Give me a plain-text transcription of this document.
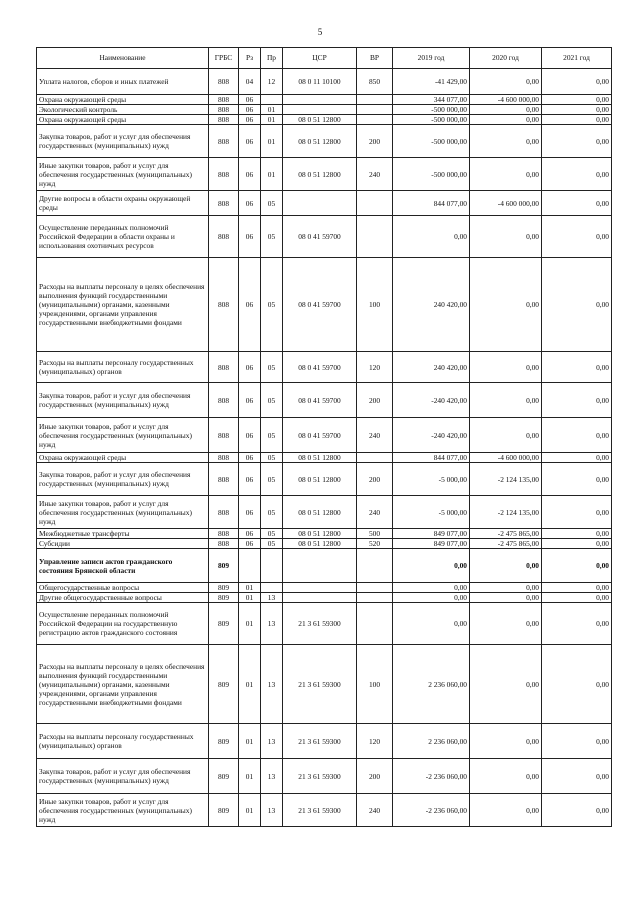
5
Наименование	ГРБС	Рз	Пр	ЦСР	ВР	2019 год	2020 год	2021 год
Уплата налогов, сборов и иных платежей	808	04	12	08 0 11 10100	850	-41 429,00	0,00	0,00
Охрана окружающей среды	808	06				344 077,00	-4 600 000,00	0,00
Экологический контроль	808	06	01			-500 000,00	0,00	0,00
Охрана окружающей среды	808	06	01	08 0 51 12800		-500 000,00	0,00	0,00
Закупка товаров, работ и услуг для обеспечения государственных (муниципальных) нужд	808	06	01	08 0 51 12800	200	-500 000,00	0,00	0,00
Иные закупки товаров, работ и услуг для обеспечения государственных (муниципальных) нужд	808	06	01	08 0 51 12800	240	-500 000,00	0,00	0,00
Другие вопросы в области охраны окружающей среды	808	06	05			844 077,00	-4 600 000,00	0,00
Осуществление переданных полномочий Российской Федерации в области охраны и использования охотничьих ресурсов	808	06	05	08 0 41 59700		0,00	0,00	0,00
Расходы на выплаты персоналу в целях обеспечения выполнения функций государственными (муниципальными) органами, казенными учреждениями, органами управления государственными внебюджетными фондами	808	06	05	08 0 41 59700	100	240 420,00	0,00	0,00
Расходы на выплаты персоналу государственных (муниципальных) органов	808	06	05	08 0 41 59700	120	240 420,00	0,00	0,00
Закупка товаров, работ и услуг для обеспечения государственных (муниципальных) нужд	808	06	05	08 0 41 59700	200	-240 420,00	0,00	0,00
Иные закупки товаров, работ и услуг для обеспечения государственных (муниципальных) нужд	808	06	05	08 0 41 59700	240	-240 420,00	0,00	0,00
Охрана окружающей среды	808	06	05	08 0 51 12800		844 077,00	-4 600 000,00	0,00
Закупка товаров, работ и услуг для обеспечения государственных (муниципальных) нужд	808	06	05	08 0 51 12800	200	-5 000,00	-2 124 135,00	0,00
Иные закупки товаров, работ и услуг для обеспечения государственных (муниципальных) нужд	808	06	05	08 0 51 12800	240	-5 000,00	-2 124 135,00	0,00
Межбюджетные трансферты	808	06	05	08 0 51 12800	500	849 077,00	-2 475 865,00	0,00
Субсидии	808	06	05	08 0 51 12800	520	849 077,00	-2 475 865,00	0,00
Управление записи актов гражданского состояния Брянской области	809					0,00	0,00	0,00
Общегосударственные вопросы	809	01				0,00	0,00	0,00
Другие общегосударственные вопросы	809	01	13			0,00	0,00	0,00
Осуществление переданных полномочий Российской Федерации на государственную регистрацию актов гражданского состояния	809	01	13	21 3 61 59300		0,00	0,00	0,00
Расходы на выплаты персоналу в целях обеспечения выполнения функций государственными (муниципальными) органами, казенными учреждениями, органами управления государственными внебюджетными фондами	809	01	13	21 3 61 59300	100	2 236 060,00	0,00	0,00
Расходы на выплаты персоналу государственных (муниципальных) органов	809	01	13	21 3 61 59300	120	2 236 060,00	0,00	0,00
Закупка товаров, работ и услуг для обеспечения государственных (муниципальных) нужд	809	01	13	21 3 61 59300	200	-2 236 060,00	0,00	0,00
Иные закупки товаров, работ и услуг для обеспечения государственных (муниципальных) нужд	809	01	13	21 3 61 59300	240	-2 236 060,00	0,00	0,00
